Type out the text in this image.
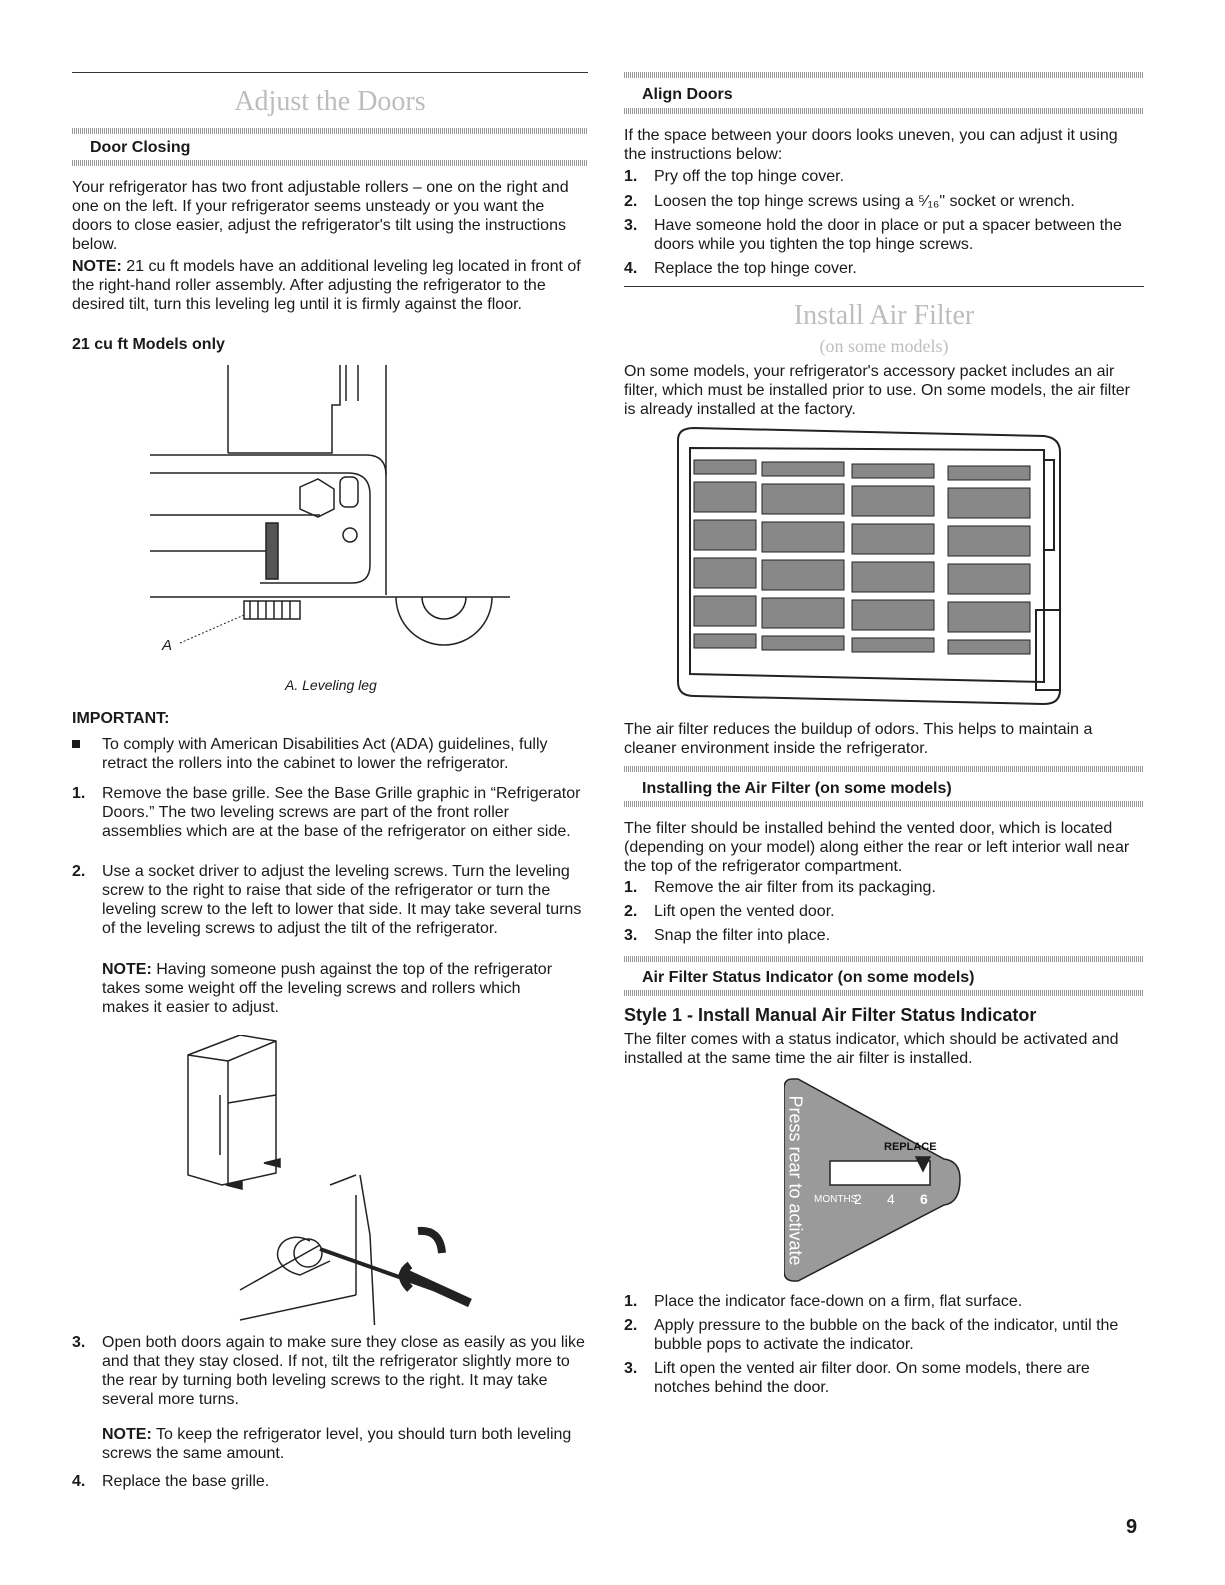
Adjust the Doors
Door Closing
Your refrigerator has two front adjustable rollers – one on the right and one on the left. If your refrigerator seems unsteady or you want the doors to close easier, adjust the refrigerator's tilt using the instructions below.
NOTE: 21 cu ft models have an additional leveling leg located in front of the right-hand roller assembly. After adjusting the refrigerator to the desired tilt, turn this leveling leg until it is firmly against the floor.
21 cu ft Models only
A
A. Leveling leg
IMPORTANT:
To comply with American Disabilities Act (ADA) guidelines, fully retract the rollers into the cabinet to lower the refrigerator.
1. Remove the base grille. See the Base Grille graphic in “Refrigerator Doors.” The two leveling screws are part of the front roller assemblies which are at the base of the refrigerator on either side.
2. Use a socket driver to adjust the leveling screws. Turn the leveling screw to the right to raise that side of the refrigerator or turn the leveling screw to the left to lower that side. It may take several turns of the leveling screws to adjust the tilt of the refrigerator.
NOTE: Having someone push against the top of the refrigerator takes some weight off the leveling screws and rollers which makes it easier to adjust.
3. Open both doors again to make sure they close as easily as you like and that they stay closed. If not, tilt the refrigerator slightly more to the rear by turning both leveling screws to the right. It may take several more turns.
NOTE: To keep the refrigerator level, you should turn both leveling screws the same amount.
4. Replace the base grille.
Align Doors
If the space between your doors looks uneven, you can adjust it using the instructions below:
1. Pry off the top hinge cover.
2. Loosen the top hinge screws using a ⁵⁄₁₆" socket or wrench.
3. Have someone hold the door in place or put a spacer between the doors while you tighten the top hinge screws.
4. Replace the top hinge cover.
Install Air Filter
(on some models)
On some models, your refrigerator's accessory packet includes an air filter, which must be installed prior to use. On some models, the air filter is already installed at the factory.
The air filter reduces the buildup of odors. This helps to maintain a cleaner environment inside the refrigerator.
Installing the Air Filter (on some models)
The filter should be installed behind the vented door, which is located (depending on your model) along either the rear or left interior wall near the top of the refrigerator compartment.
1. Remove the air filter from its packaging.
2. Lift open the vented door.
3. Snap the filter into place.
Air Filter Status Indicator (on some models)
Style 1 - Install Manual Air Filter Status Indicator
The filter comes with a status indicator, which should be activated and installed at the same time the air filter is installed.
Press rear to activate	REPLACE
MONTHS
2 4 6
1. Place the indicator face-down on a firm, flat surface.
2. Apply pressure to the bubble on the back of the indicator, until the bubble pops to activate the indicator.
3. Lift open the vented air filter door. On some models, there are notches behind the door.
9
